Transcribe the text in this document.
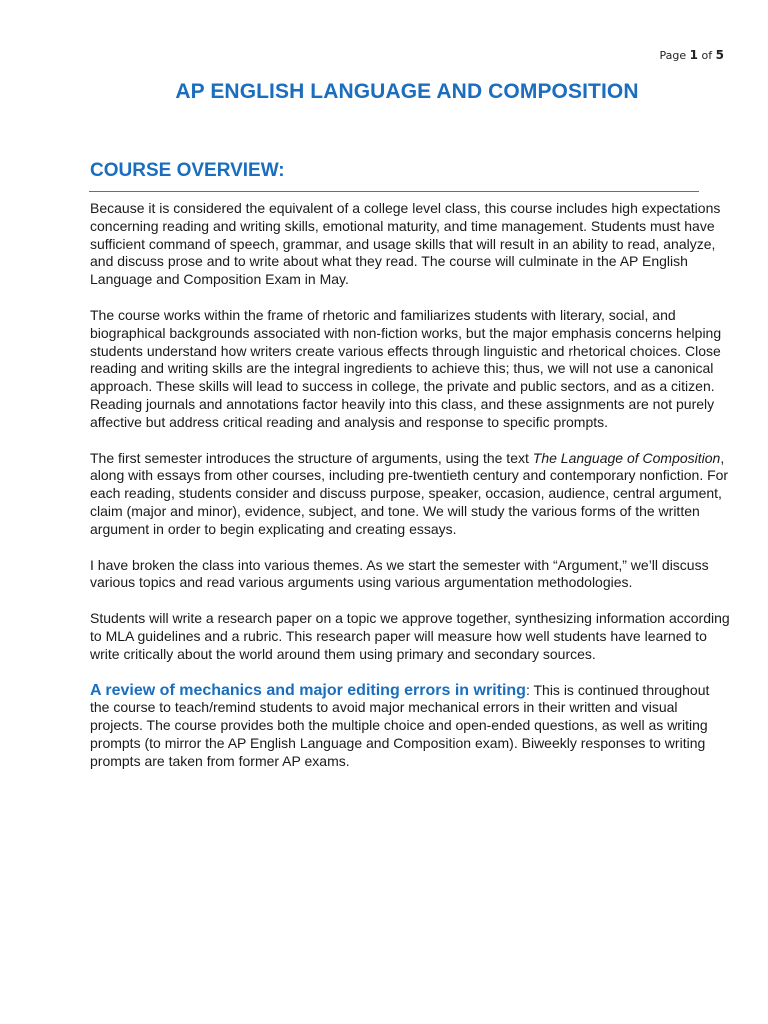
Page 1 of 5
AP ENGLISH LANGUAGE AND COMPOSITION
COURSE OVERVIEW:

Because it is considered the equivalent of a college level class, this course includes high expectations concerning reading and writing skills, emotional maturity, and time management. Students must have sufficient command of speech, grammar, and usage skills that will result in an ability to read, analyze, and discuss prose and to write about what they read. The course will culminate in the AP English Language and Composition Exam in May.

The course works within the frame of rhetoric and familiarizes students with literary, social, and biographical backgrounds associated with non-fiction works, but the major emphasis concerns helping students understand how writers create various effects through linguistic and rhetorical choices. Close reading and writing skills are the integral ingredients to achieve this; thus, we will not use a canonical approach. These skills will lead to success in college, the private and public sectors, and as a citizen. Reading journals and annotations factor heavily into this class, and these assignments are not purely affective but address critical reading and analysis and response to specific prompts.

The first semester introduces the structure of arguments, using the text The Language of Composition, along with essays from other courses, including pre-twentieth century and contemporary nonfiction. For each reading, students consider and discuss purpose, speaker, occasion, audience, central argument, claim (major and minor), evidence, subject, and tone. We will study the various forms of the written argument in order to begin explicating and creating essays.

I have broken the class into various themes. As we start the semester with “Argument,” we’ll discuss various topics and read various arguments using various argumentation methodologies.

Students will write a research paper on a topic we approve together, synthesizing information according to MLA guidelines and a rubric. This research paper will measure how well students have learned to write critically about the world around them using primary and secondary sources.

A review of mechanics and major editing errors in writing: This is continued throughout the course to teach/remind students to avoid major mechanical errors in their written and visual projects. The course provides both the multiple choice and open-ended questions, as well as writing prompts (to mirror the AP English Language and Composition exam). Biweekly responses to writing prompts are taken from former AP exams.
